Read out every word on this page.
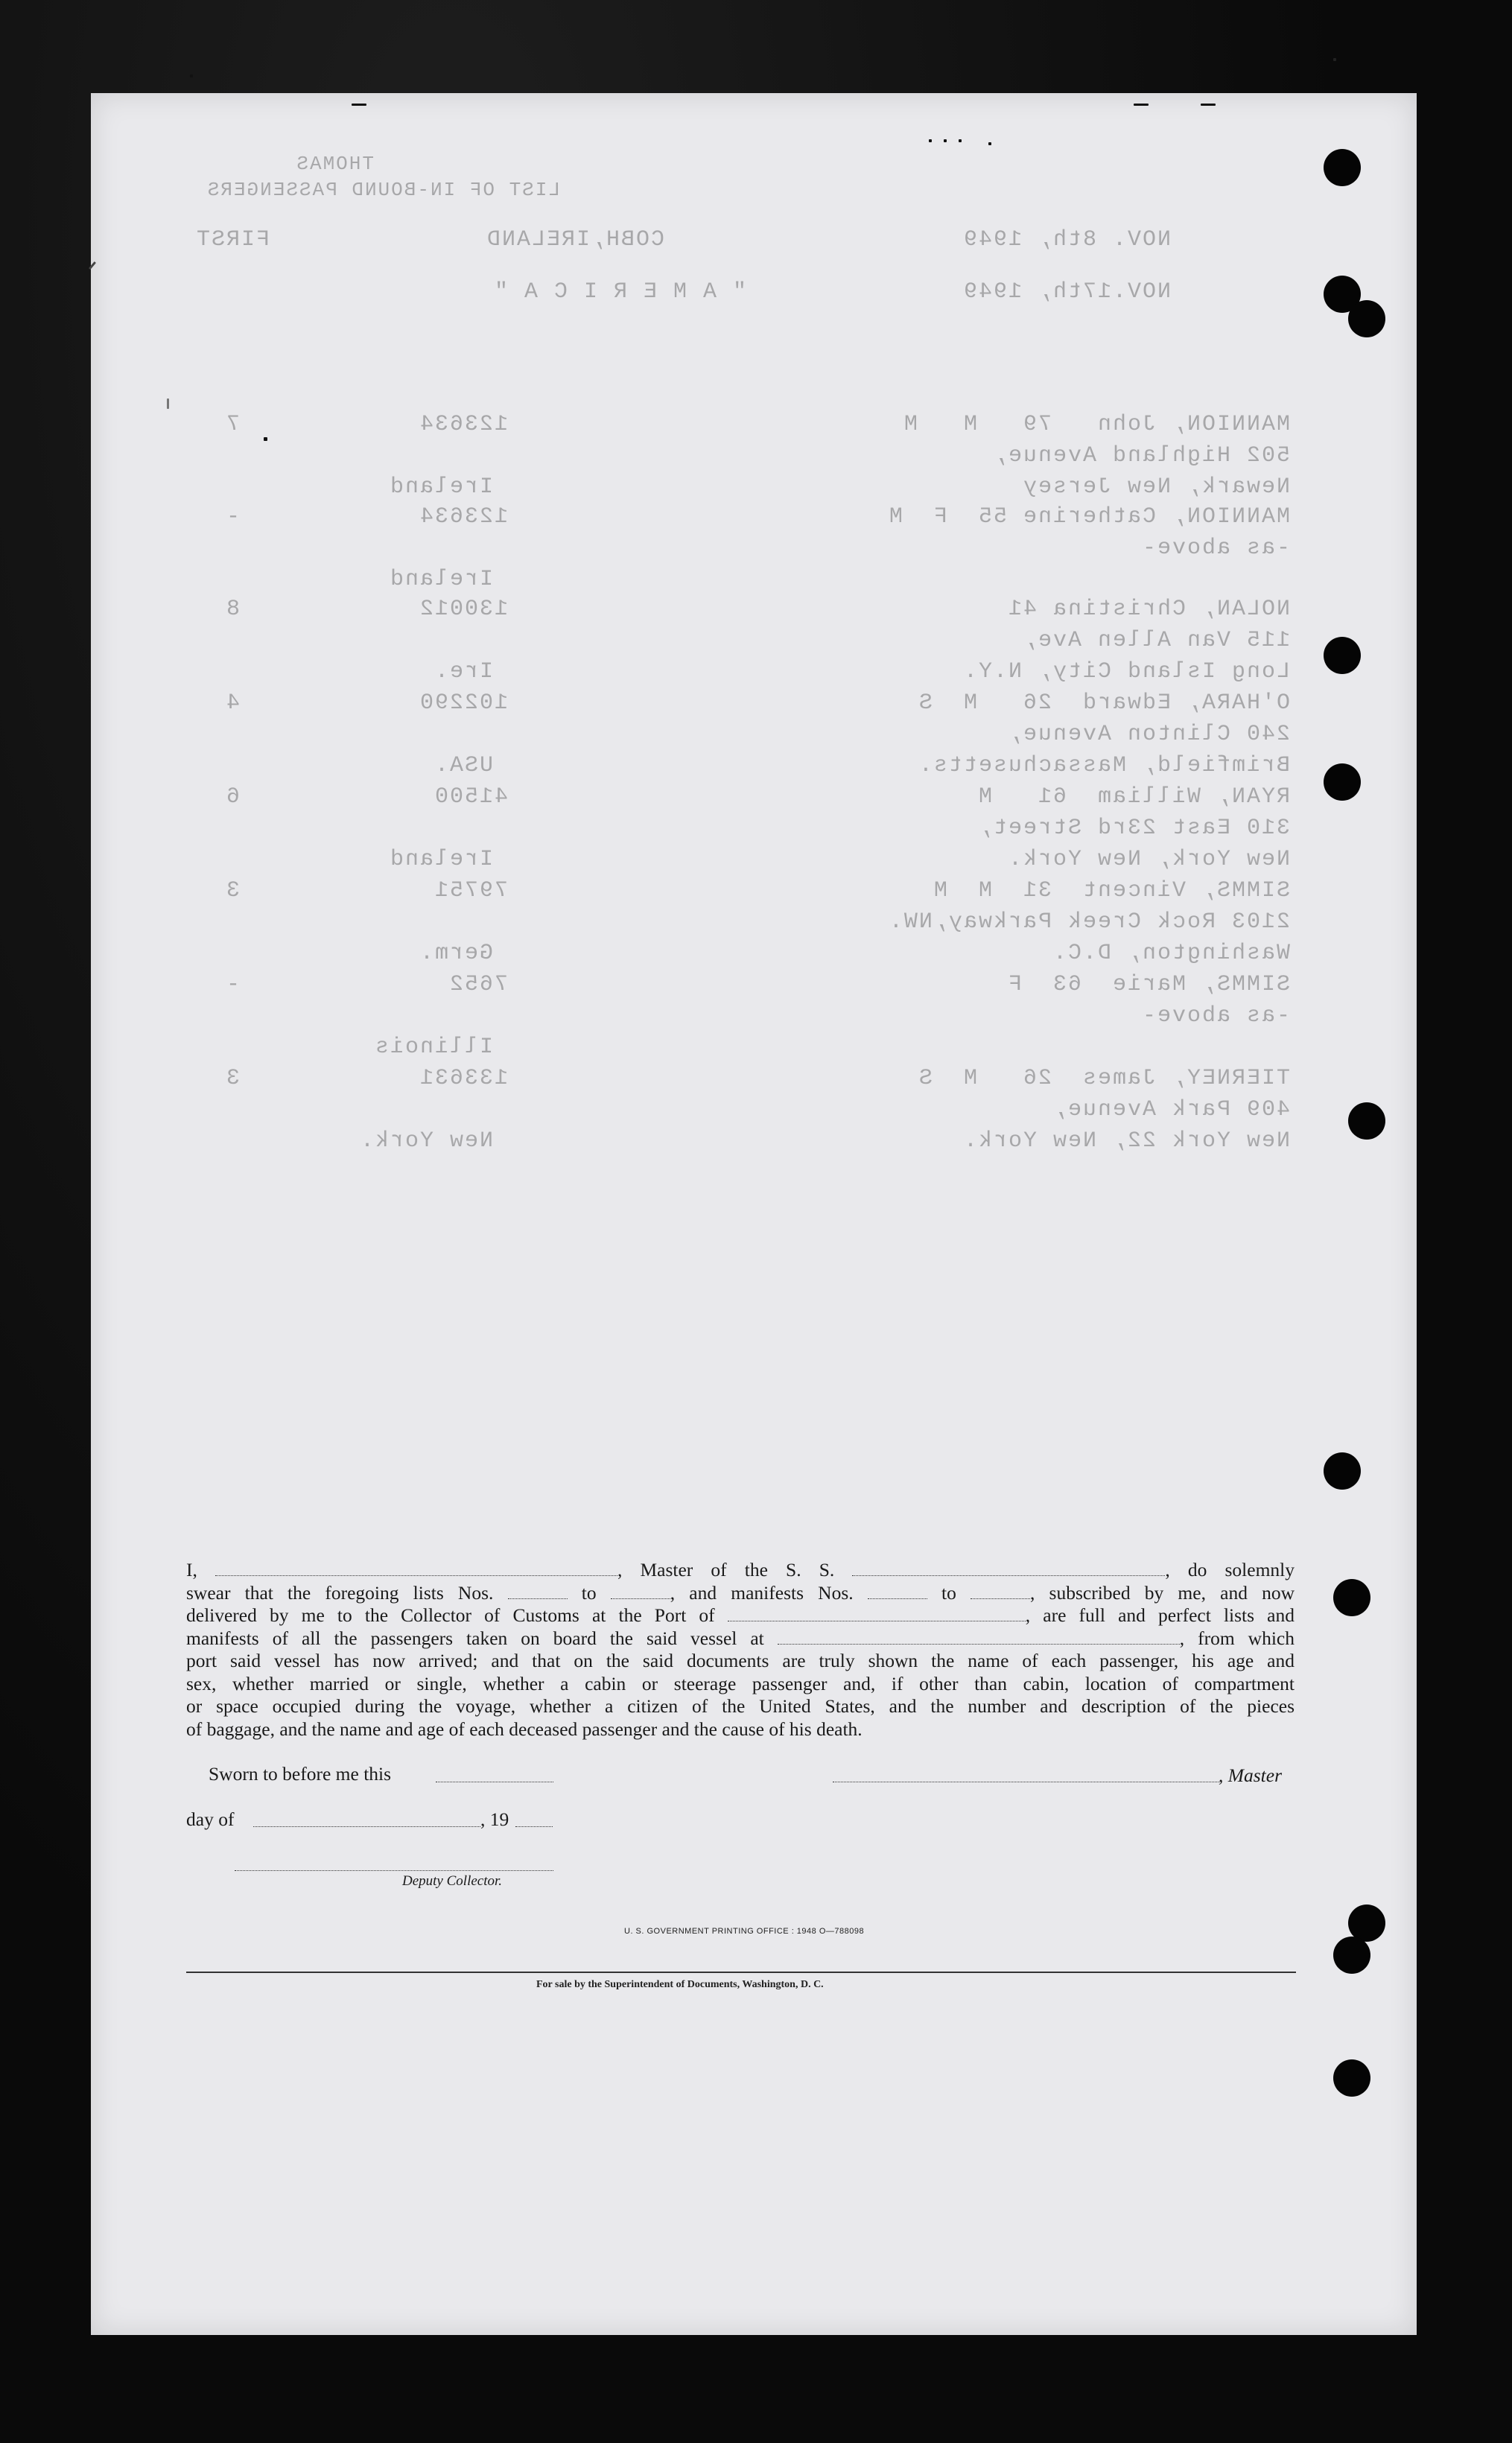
THOMAS
LIST OF IN-BOUND PASSENGERS
FIRST	COBH,IRELAND	NOV. 8th, 1949
" A M E R I C A "	NOV.17th, 1949
7	123634	MANNION, John   79   M   M
502 Highland Avenue,
Newark, New Jersey
Ireland
-	123634	MANNION, Catherine 55  F  M
-as above-
Ireland
8	130012	NOLAN, Christina 41
115 Van Allen Ave,
Long Island City, N.Y.
Ire.
4	102290	O'HARA, Edward  26   M  S
240 Clinton Avenue,
Brimfield, Massachusetts.
USA.
6	41500	RYAN, William  61   M
310 East 23rd Street,
New York, New York.
Ireland
3	79751	SIMMS, Vincent  31  M  M
2103 Rock Creek Parkway,NW.
Washington, D.C.
Germ.
-	7652	SIMMS, Marie  63  F
-as above-
Illinois
3	133631	TIERNEY, James  26   M  S
409 Park Avenue,
New York 22, New York.
New York.
I,	, Master of the S. S.	, do solemnly
swear that the foregoing lists Nos.	to	, and manifests Nos.	to	, subscribed by me, and now
delivered by me to the Collector of Customs at the Port of	, are full and perfect lists and
manifests of all the passengers taken on board the said vessel at	, from which
port said vessel has now arrived; and that on the said documents are truly shown the name of each passenger, his age and
sex, whether married or single, whether a cabin or steerage passenger and, if other than cabin, location of compartment
or space occupied during the voyage, whether a citizen of the United States, and the number and description of the pieces
of baggage, and the name and age of each deceased passenger and the cause of his death.
Sworn to before me this	, Master
day of	, 19
Deputy Collector.
U. S. GOVERNMENT PRINTING OFFICE : 1948 O—788098
For sale by the Superintendent of Documents, Washington, D. C.
